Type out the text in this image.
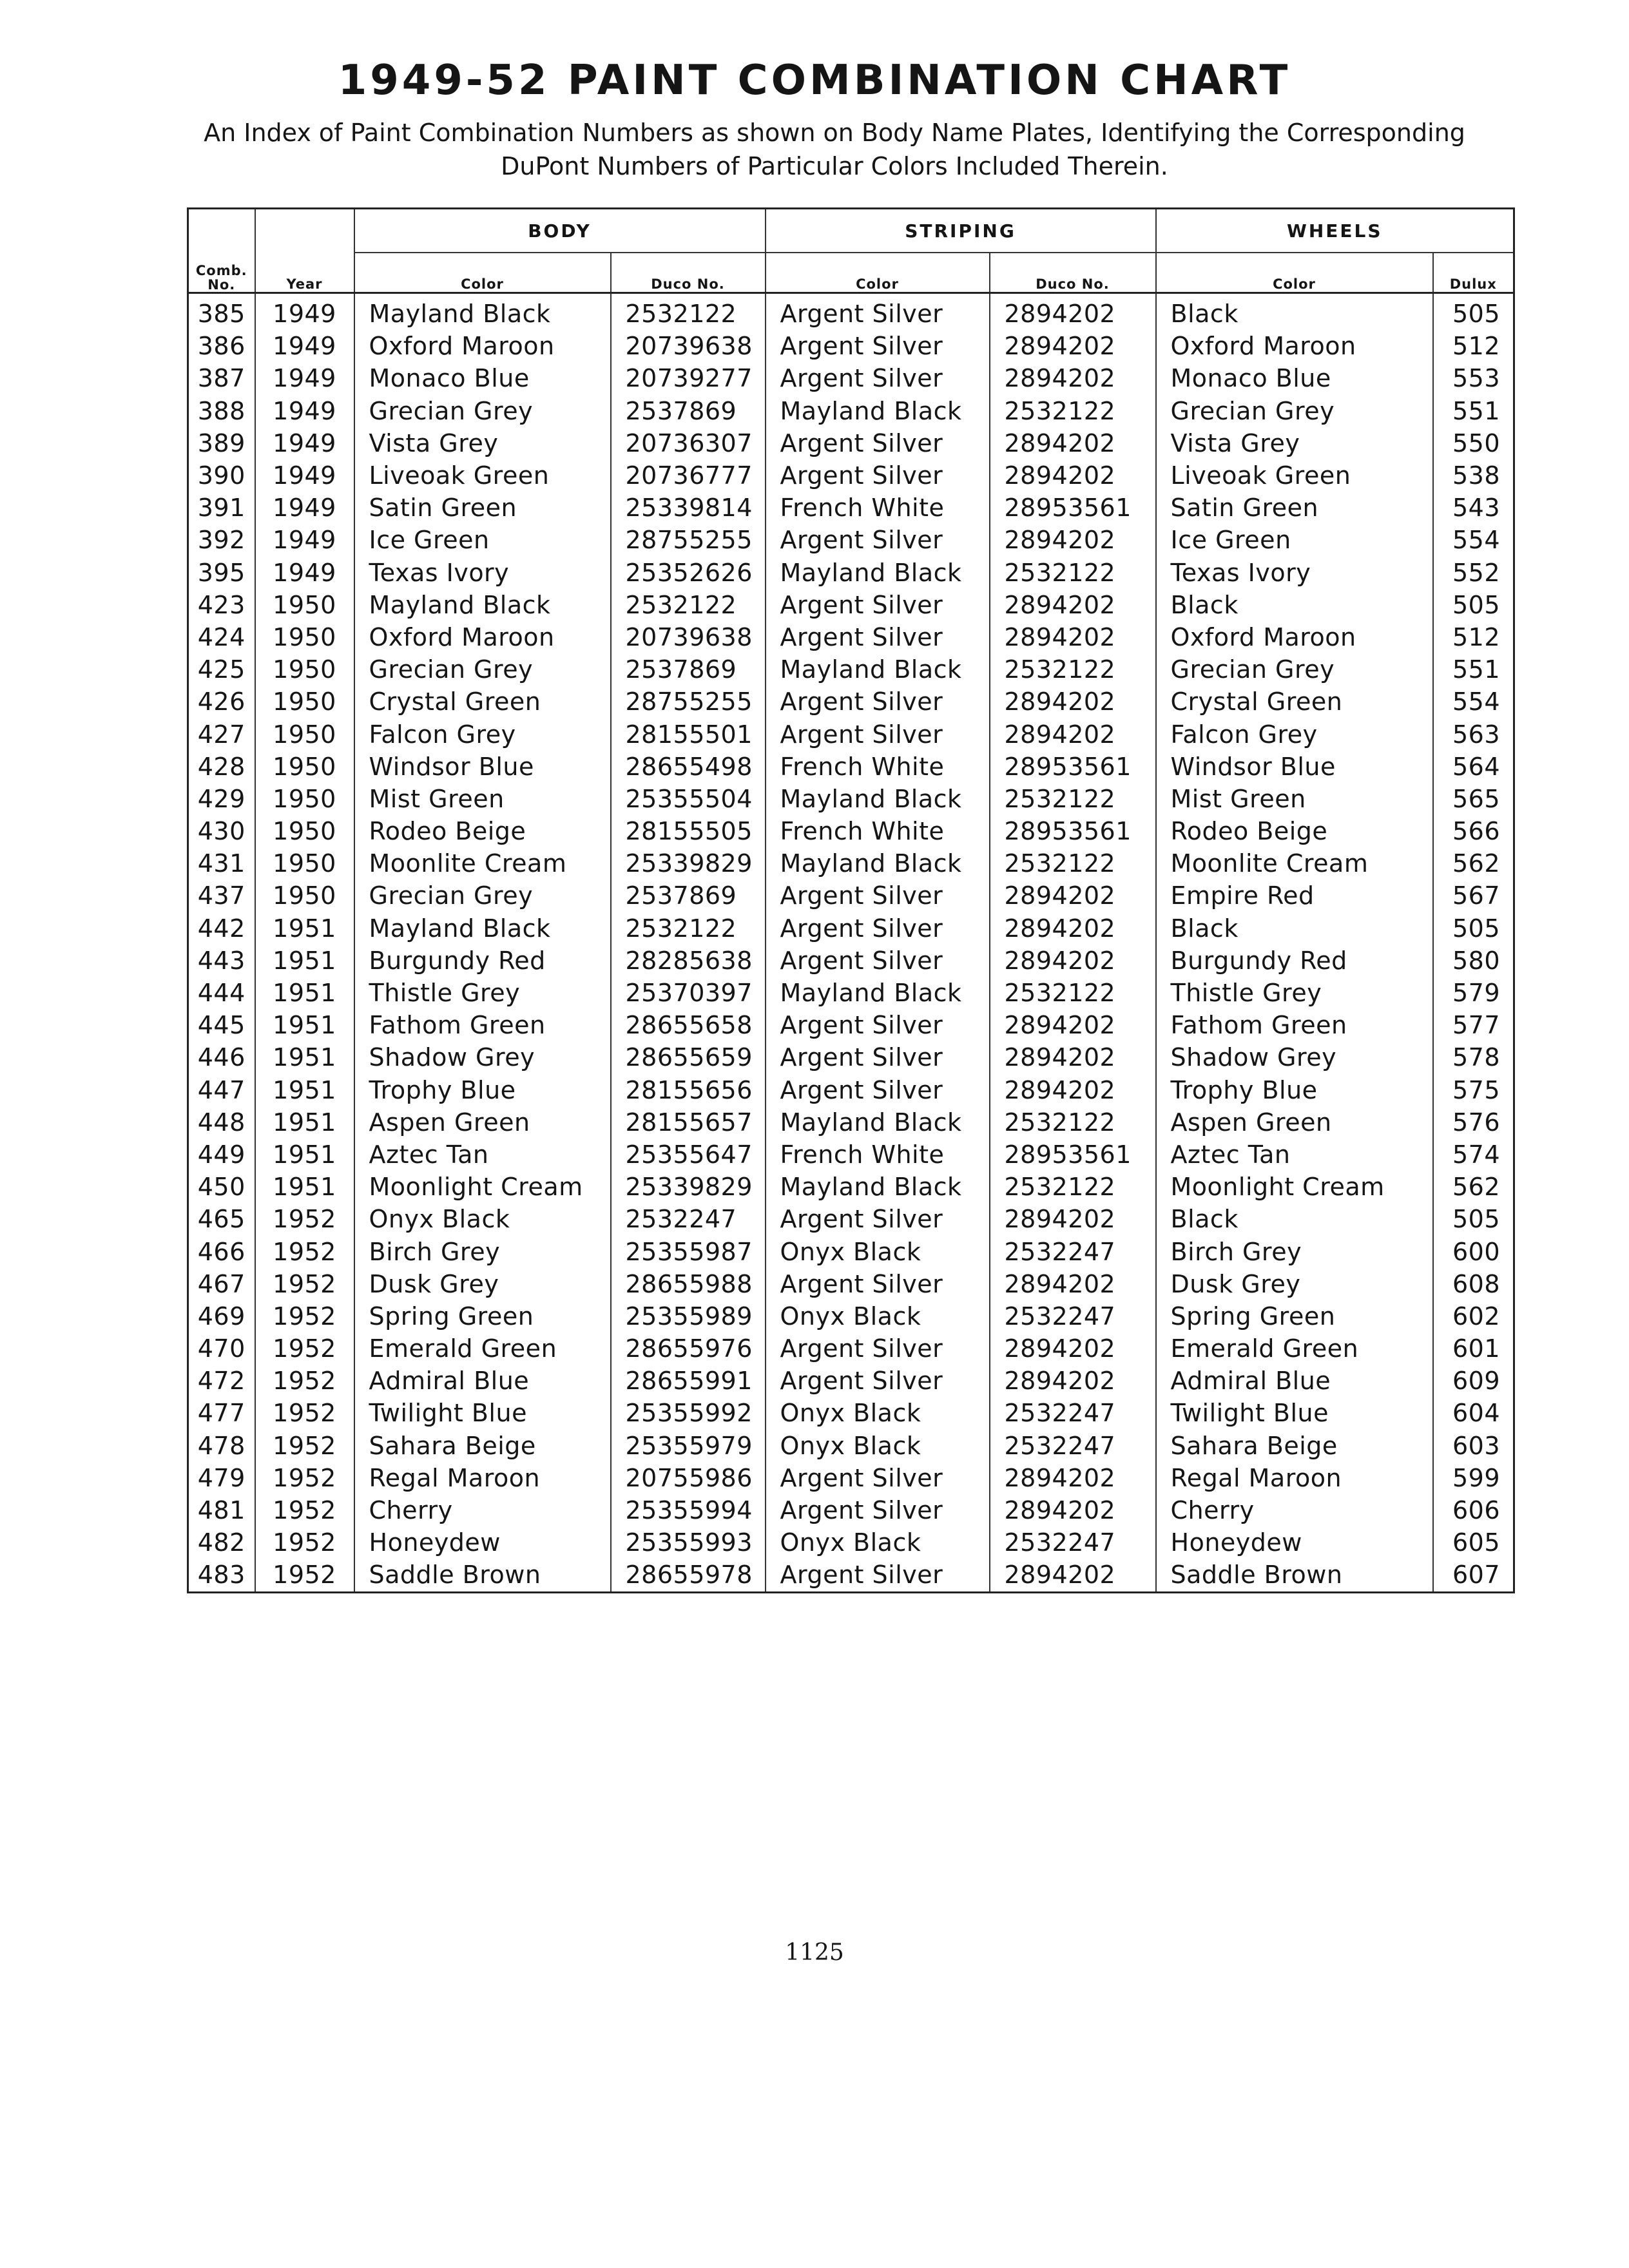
1949-52 PAINT COMBINATION CHART
An Index of Paint Combination Numbers as shown on Body Name Plates, Identifying the Corresponding
DuPont Numbers of Particular Colors Included Therein.
		BODY		STRIPING		WHEELS	

Comb.
No.	Year	Color	Duco No.	Color	Duco No.	Color	Dulux
385	1949	Mayland Black	2532122	Argent Silver	2894202	Black	505
386	1949	Oxford Maroon	20739638	Argent Silver	2894202	Oxford Maroon	512
387	1949	Monaco Blue	20739277	Argent Silver	2894202	Monaco Blue	553
388	1949	Grecian Grey	2537869	Mayland Black	2532122	Grecian Grey	551
389	1949	Vista Grey	20736307	Argent Silver	2894202	Vista Grey	550
390	1949	Liveoak Green	20736777	Argent Silver	2894202	Liveoak Green	538
391	1949	Satin Green	25339814	French White	28953561	Satin Green	543
392	1949	Ice Green	28755255	Argent Silver	2894202	Ice Green	554
395	1949	Texas Ivory	25352626	Mayland Black	2532122	Texas Ivory	552
423	1950	Mayland Black	2532122	Argent Silver	2894202	Black	505
424	1950	Oxford Maroon	20739638	Argent Silver	2894202	Oxford Maroon	512
425	1950	Grecian Grey	2537869	Mayland Black	2532122	Grecian Grey	551
426	1950	Crystal Green	28755255	Argent Silver	2894202	Crystal Green	554
427	1950	Falcon Grey	28155501	Argent Silver	2894202	Falcon Grey	563
428	1950	Windsor Blue	28655498	French White	28953561	Windsor Blue	564
429	1950	Mist Green	25355504	Mayland Black	2532122	Mist Green	565
430	1950	Rodeo Beige	28155505	French White	28953561	Rodeo Beige	566
431	1950	Moonlite Cream	25339829	Mayland Black	2532122	Moonlite Cream	562
437	1950	Grecian Grey	2537869	Argent Silver	2894202	Empire Red	567
442	1951	Mayland Black	2532122	Argent Silver	2894202	Black	505
443	1951	Burgundy Red	28285638	Argent Silver	2894202	Burgundy Red	580
444	1951	Thistle Grey	25370397	Mayland Black	2532122	Thistle Grey	579
445	1951	Fathom Green	28655658	Argent Silver	2894202	Fathom Green	577
446	1951	Shadow Grey	28655659	Argent Silver	2894202	Shadow Grey	578
447	1951	Trophy Blue	28155656	Argent Silver	2894202	Trophy Blue	575
448	1951	Aspen Green	28155657	Mayland Black	2532122	Aspen Green	576
449	1951	Aztec Tan	25355647	French White	28953561	Aztec Tan	574
450	1951	Moonlight Cream	25339829	Mayland Black	2532122	Moonlight Cream	562
465	1952	Onyx Black	2532247	Argent Silver	2894202	Black	505
466	1952	Birch Grey	25355987	Onyx Black	2532247	Birch Grey	600
467	1952	Dusk Grey	28655988	Argent Silver	2894202	Dusk Grey	608
469	1952	Spring Green	25355989	Onyx Black	2532247	Spring Green	602
470	1952	Emerald Green	28655976	Argent Silver	2894202	Emerald Green	601
472	1952	Admiral Blue	28655991	Argent Silver	2894202	Admiral Blue	609
477	1952	Twilight Blue	25355992	Onyx Black	2532247	Twilight Blue	604
478	1952	Sahara Beige	25355979	Onyx Black	2532247	Sahara Beige	603
479	1952	Regal Maroon	20755986	Argent Silver	2894202	Regal Maroon	599
481	1952	Cherry	25355994	Argent Silver	2894202	Cherry	606
482	1952	Honeydew	25355993	Onyx Black	2532247	Honeydew	605
483	1952	Saddle Brown	28655978	Argent Silver	2894202	Saddle Brown	607
1125
